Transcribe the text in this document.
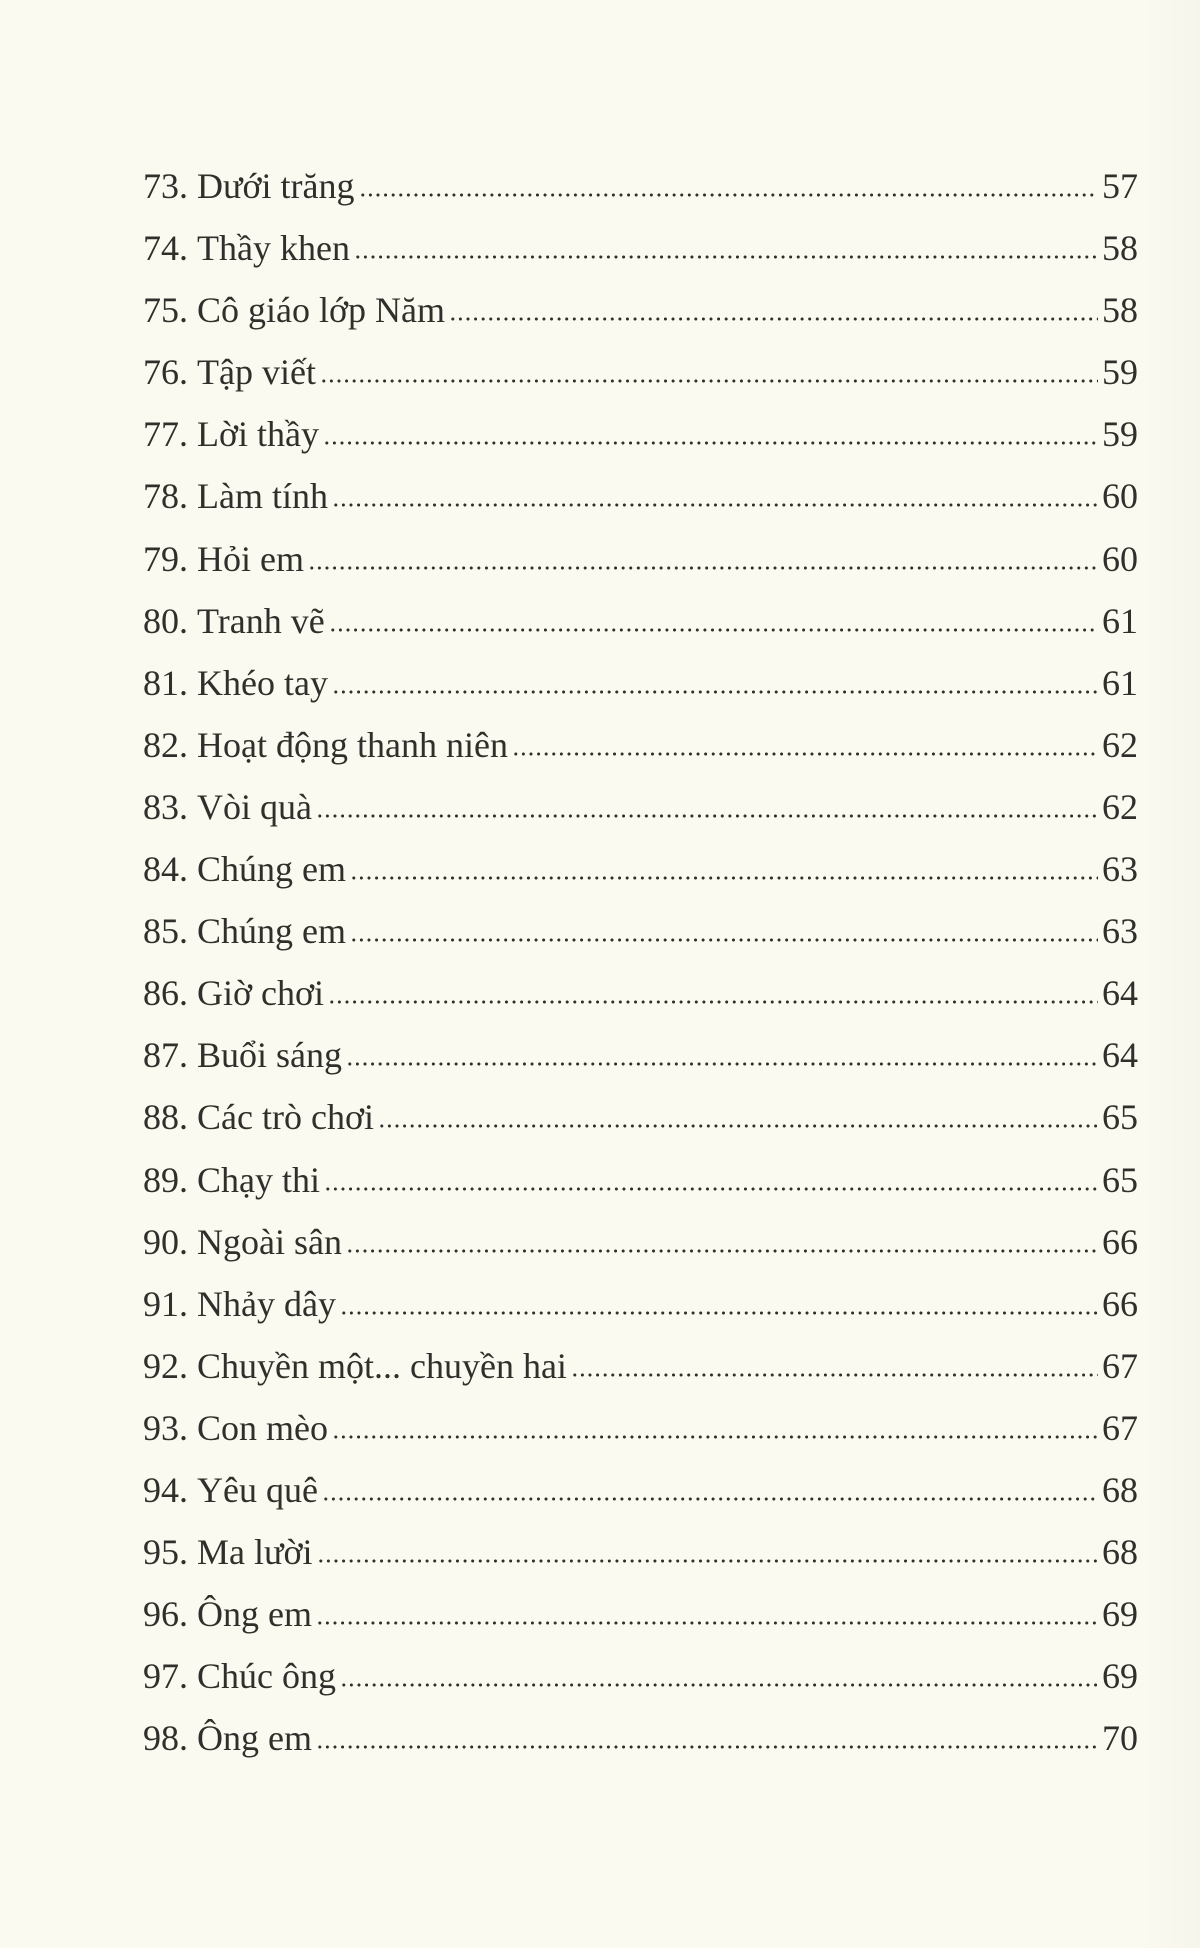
73. Dưới trăng	57
74. Thầy khen	58
75. Cô giáo lớp Năm	58
76. Tập viết	59
77. Lời thầy	59
78. Làm tính	60
79. Hỏi em	60
80. Tranh vẽ	61
81. Khéo tay	61
82. Hoạt động thanh niên	62
83. Vòi quà	62
84. Chúng em	63
85. Chúng em	63
86. Giờ chơi	64
87. Buổi sáng	64
88. Các trò chơi	65
89. Chạy thi	65
90. Ngoài sân	66
91. Nhảy dây	66
92. Chuyền một... chuyền hai	67
93. Con mèo	67
94. Yêu quê	68
95. Ma lười	68
96. Ông em	69
97. Chúc ông	69
98. Ông em	70
